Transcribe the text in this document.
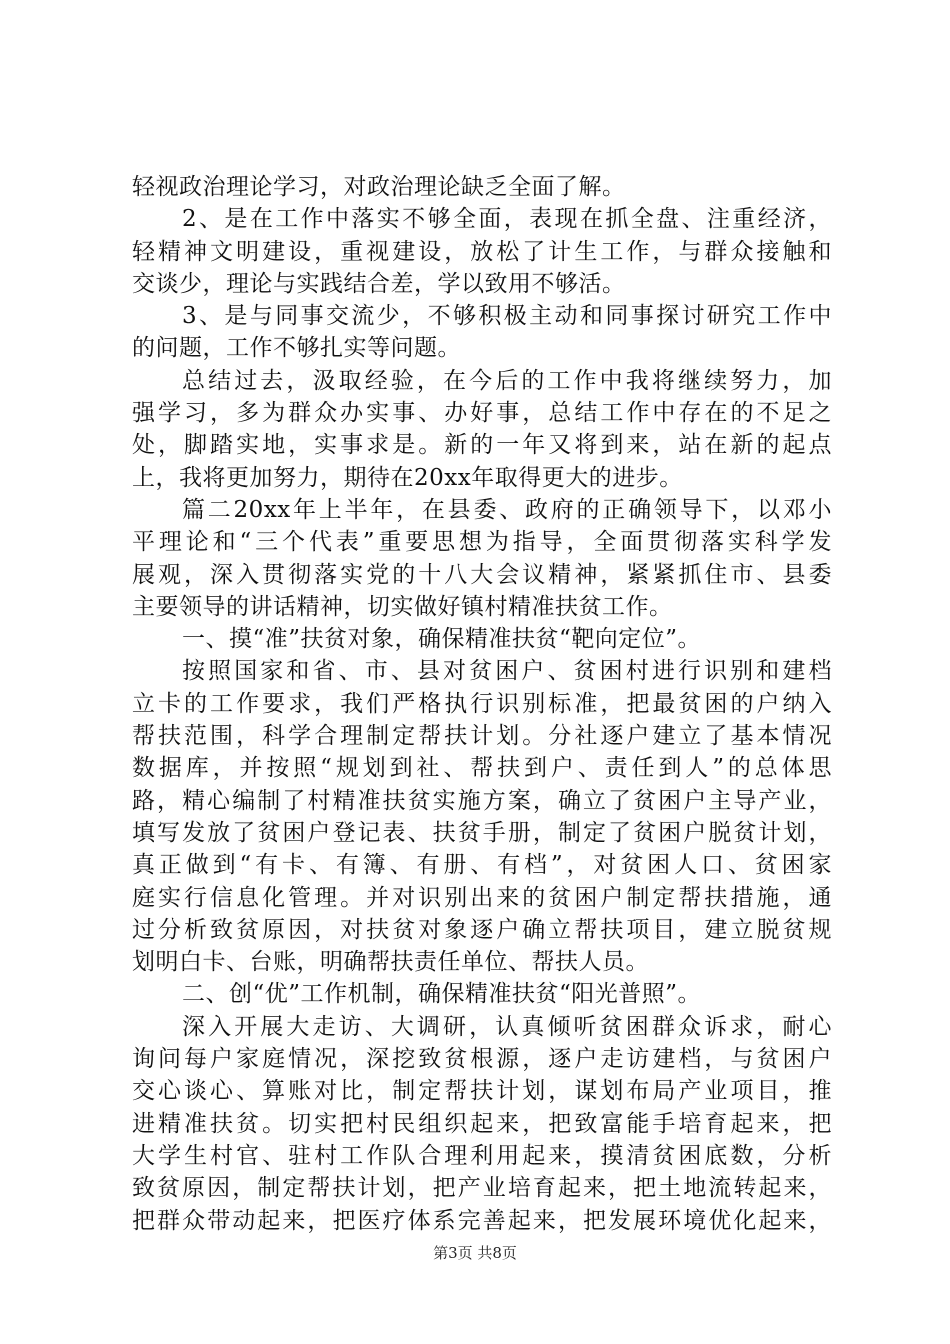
轻视政治理论学习，对政治理论缺乏全面了解。
2、是在工作中落实不够全面，表现在抓全盘、注重经济，
轻精神文明建设，重视建设，放松了计生工作，与群众接触和
交谈少，理论与实践结合差，学以致用不够活。
3、是与同事交流少，不够积极主动和同事探讨研究工作中
的问题，工作不够扎实等问题。
总结过去，汲取经验，在今后的工作中我将继续努力，加
强学习，多为群众办实事、办好事，总结工作中存在的不足之
处，脚踏实地，实事求是。新的一年又将到来，站在新的起点
上，我将更加努力，期待在20xx年取得更大的进步。
篇二20xx年上半年，在县委、政府的正确领导下，以邓小
平理论和“三个代表”重要思想为指导，全面贯彻落实科学发
展观，深入贯彻落实党的十八大会议精神，紧紧抓住市、县委
主要领导的讲话精神，切实做好镇村精准扶贫工作。
一、摸“准”扶贫对象，确保精准扶贫“靶向定位”。
按照国家和省、市、县对贫困户、贫困村进行识别和建档
立卡的工作要求，我们严格执行识别标准，把最贫困的户纳入
帮扶范围，科学合理制定帮扶计划。分社逐户建立了基本情况
数据库，并按照“规划到社、帮扶到户、责任到人”的总体思
路，精心编制了村精准扶贫实施方案，确立了贫困户主导产业，
填写发放了贫困户登记表、扶贫手册，制定了贫困户脱贫计划，
真正做到“有卡、有簿、有册、有档”，对贫困人口、贫困家
庭实行信息化管理。并对识别出来的贫困户制定帮扶措施，通
过分析致贫原因，对扶贫对象逐户确立帮扶项目，建立脱贫规
划明白卡、台账，明确帮扶责任单位、帮扶人员。
二、创“优”工作机制，确保精准扶贫“阳光普照”。
深入开展大走访、大调研，认真倾听贫困群众诉求，耐心
询问每户家庭情况，深挖致贫根源，逐户走访建档，与贫困户
交心谈心、算账对比，制定帮扶计划，谋划布局产业项目，推
进精准扶贫。切实把村民组织起来，把致富能手培育起来，把
大学生村官、驻村工作队合理利用起来，摸清贫困底数，分析
致贫原因，制定帮扶计划，把产业培育起来，把土地流转起来，
把群众带动起来，把医疗体系完善起来，把发展环境优化起来，
第3页 共8页
